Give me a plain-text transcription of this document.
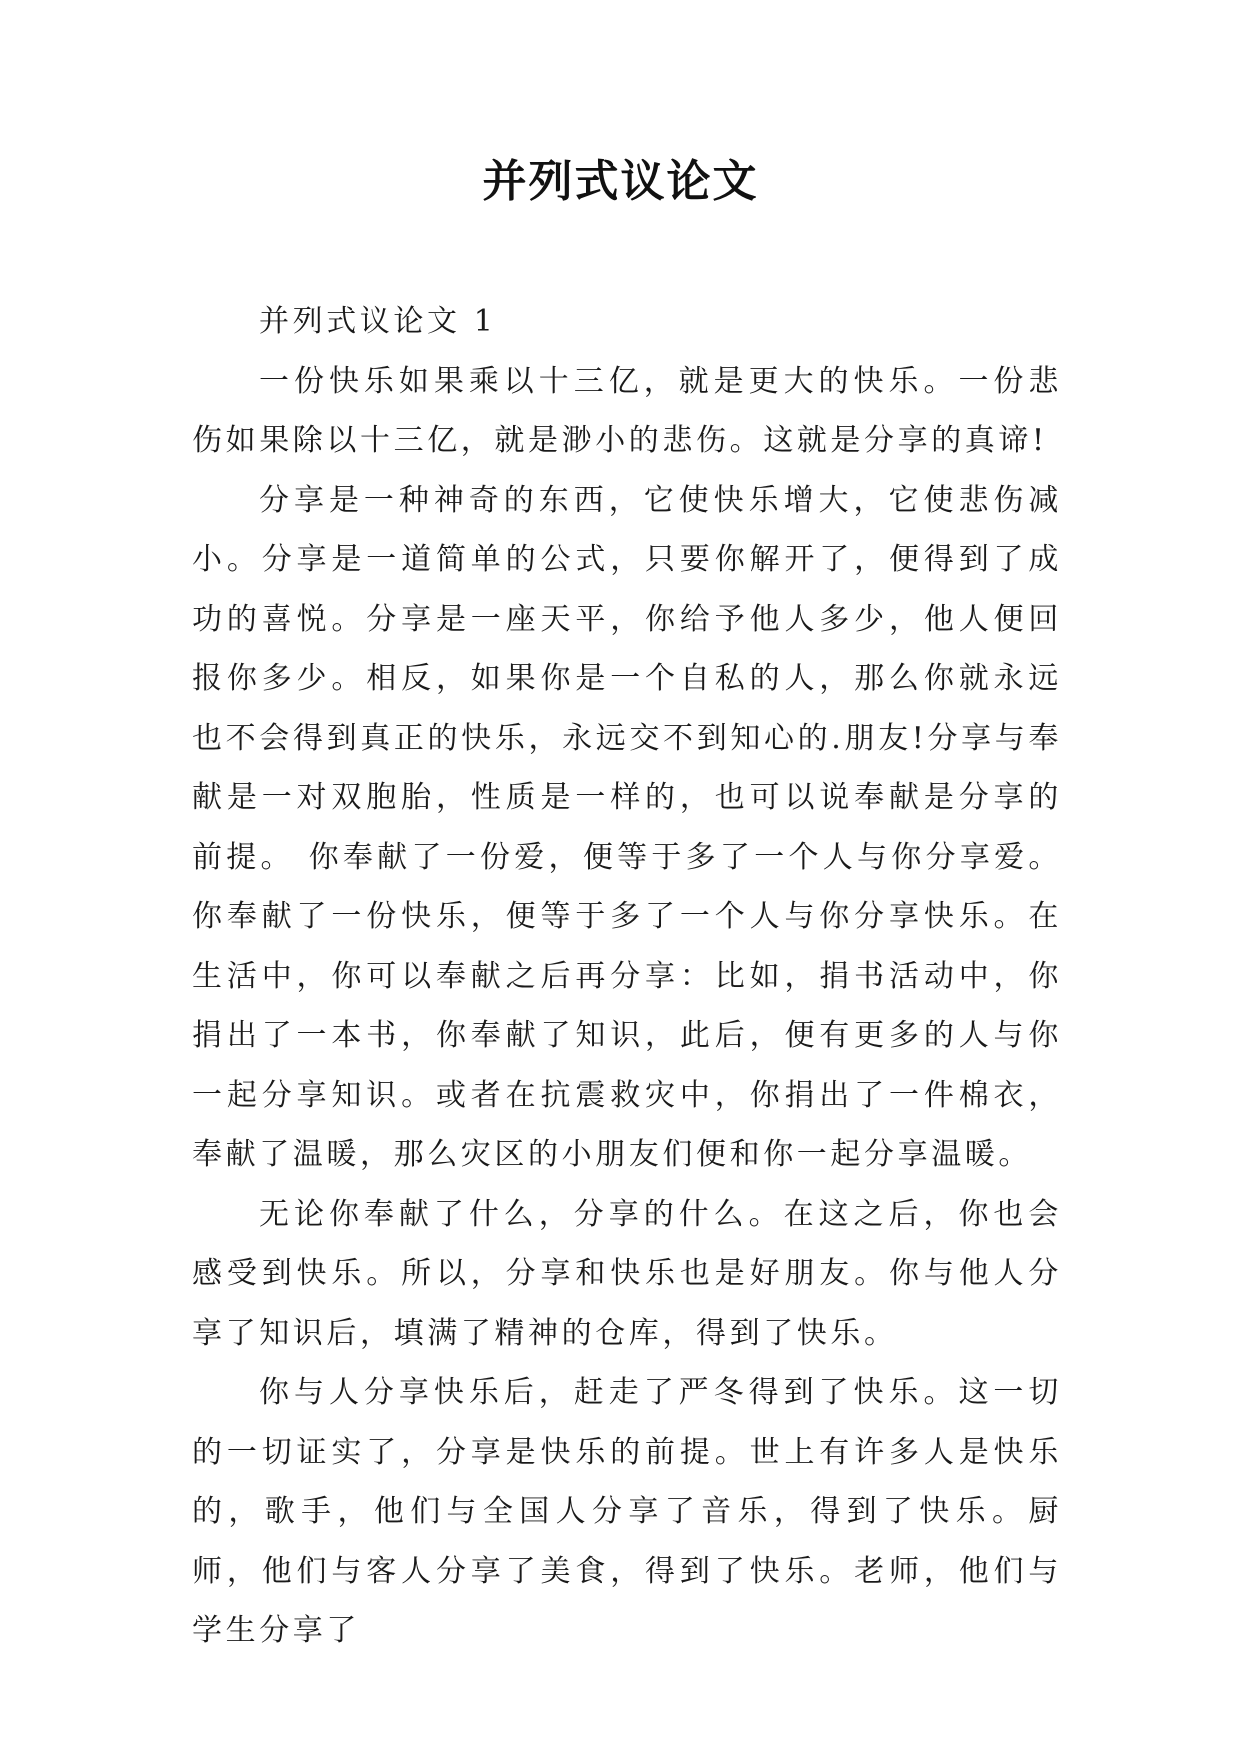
并列式议论文

并列式议论文 1

一份快乐如果乘以十三亿，就是更大的快乐。一份悲伤如果除以十三亿，就是渺小的悲伤。这就是分享的真谛!

分享是一种神奇的东西，它使快乐增大，它使悲伤减小。分享是一道简单的公式，只要你解开了，便得到了成功的喜悦。分享是一座天平，你给予他人多少，他人便回报你多少。相反，如果你是一个自私的人，那么你就永远也不会得到真正的快乐，永远交不到知心的.朋友!分享与奉献是一对双胞胎，性质是一样的，也可以说奉献是分享的前提。 你奉献了一份爱，便等于多了一个人与你分享爱。你奉献了一份快乐，便等于多了一个人与你分享快乐。在生活中，你可以奉献之后再分享：比如，捐书活动中，你捐出了一本书，你奉献了知识，此后，便有更多的人与你一起分享知识。或者在抗震救灾中，你捐出了一件棉衣，奉献了温暖，那么灾区的小朋友们便和你一起分享温暖。

无论你奉献了什么，分享的什么。在这之后，你也会感受到快乐。所以，分享和快乐也是好朋友。你与他人分享了知识后，填满了精神的仓库，得到了快乐。

你与人分享快乐后，赶走了严冬得到了快乐。这一切的一切证实了，分享是快乐的前提。世上有许多人是快乐的，歌手，他们与全国人分享了音乐，得到了快乐。厨师，他们与客人分享了美食，得到了快乐。老师，他们与学生分享了
